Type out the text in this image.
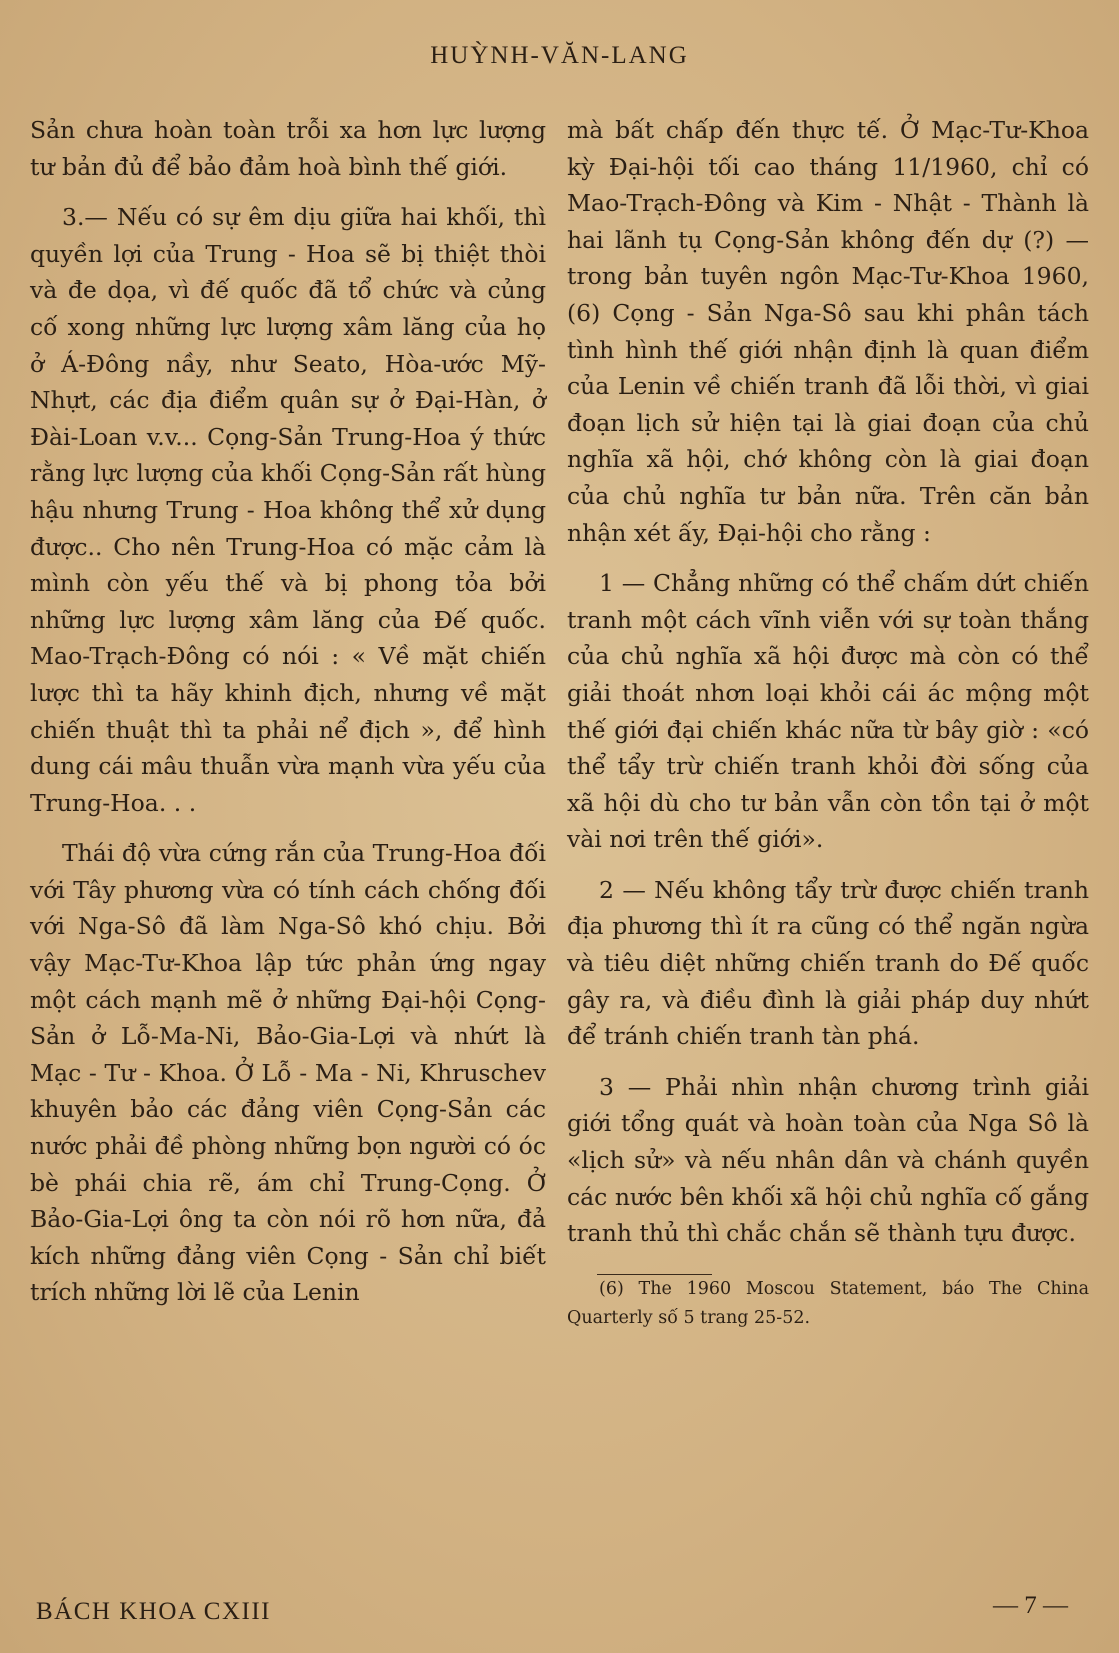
HUỲNH-VĂN-LANG

Sản chưa hoàn toàn trỗi xa hơn lực lượng tư bản đủ để bảo đảm hoà bình thế giới.

3.— Nếu có sự êm dịu giữa hai khối, thì quyền lợi của Trung - Hoa sẽ bị thiệt thòi và đe dọa, vì đế quốc đã tổ chức và củng cố xong những lực lượng xâm lăng của họ ở Á-Đông nầy, như Seato, Hòa-ước Mỹ-Nhựt, các địa điểm quân sự ở Đại-Hàn, ở Đài-Loan v.v... Cọng-Sản Trung-Hoa ý thức rằng lực lượng của khối Cọng-Sản rất hùng hậu nhưng Trung - Hoa không thể xử dụng được.. Cho nên Trung-Hoa có mặc cảm là mình còn yếu thế và bị phong tỏa bởi những lực lượng xâm lăng của Đế quốc. Mao-Trạch-Đông có nói : « Về mặt chiến lược thì ta hãy khinh địch, nhưng về mặt chiến thuật thì ta phải nể địch », để hình dung cái mâu thuẫn vừa mạnh vừa yếu của Trung-Hoa. . .

Thái độ vừa cứng rắn của Trung-Hoa đối với Tây phương vừa có tính cách chống đối với Nga-Sô đã làm Nga-Sô khó chịu. Bởi vậy Mạc-Tư-Khoa lập tức phản ứng ngay một cách mạnh mẽ ở những Đại-hội Cọng-Sản ở Lỗ-Ma-Ni, Bảo-Gia-Lợi và nhứt là Mạc - Tư - Khoa. Ở Lỗ - Ma - Ni, Khruschev khuyên bảo các đảng viên Cọng-Sản các nước phải đề phòng những bọn người có óc bè phái chia rẽ, ám chỉ Trung-Cọng. Ở Bảo-Gia-Lợi ông ta còn nói rõ hơn nữa, đả kích những đảng viên Cọng - Sản chỉ biết trích những lời lẽ của Lenin

mà bất chấp đến thực tế. Ở Mạc-Tư-Khoa kỳ Đại-hội tối cao tháng 11/1960, chỉ có Mao-Trạch-Đông và Kim - Nhật - Thành là hai lãnh tụ Cọng-Sản không đến dự (?) — trong bản tuyên ngôn Mạc-Tư-Khoa 1960, (6) Cọng - Sản Nga-Sô sau khi phân tách tình hình thế giới nhận định là quan điểm của Lenin về chiến tranh đã lỗi thời, vì giai đoạn lịch sử hiện tại là giai đoạn của chủ nghĩa xã hội, chớ không còn là giai đoạn của chủ nghĩa tư bản nữa. Trên căn bản nhận xét ấy, Đại-hội cho rằng :

1 — Chẳng những có thể chấm dứt chiến tranh một cách vĩnh viễn với sự toàn thắng của chủ nghĩa xã hội được mà còn có thể giải thoát nhơn loại khỏi cái ác mộng một thế giới đại chiến khác nữa từ bây giờ : «có thể tẩy trừ chiến tranh khỏi đời sống của xã hội dù cho tư bản vẫn còn tồn tại ở một vài nơi trên thế giới».

2 — Nếu không tẩy trừ được chiến tranh địa phương thì ít ra cũng có thể ngăn ngừa và tiêu diệt những chiến tranh do Đế quốc gây ra, và điều đình là giải pháp duy nhứt để tránh chiến tranh tàn phá.

3 — Phải nhìn nhận chương trình giải giới tổng quát và hoàn toàn của Nga Sô là «lịch sử» và nếu nhân dân và chánh quyền các nước bên khối xã hội chủ nghĩa cố gắng tranh thủ thì chắc chắn sẽ thành tựu được.

(6) The 1960 Moscou Statement, báo The China Quarterly số 5 trang 25-52.

BÁCH KHOA CXIII	— 7 —
